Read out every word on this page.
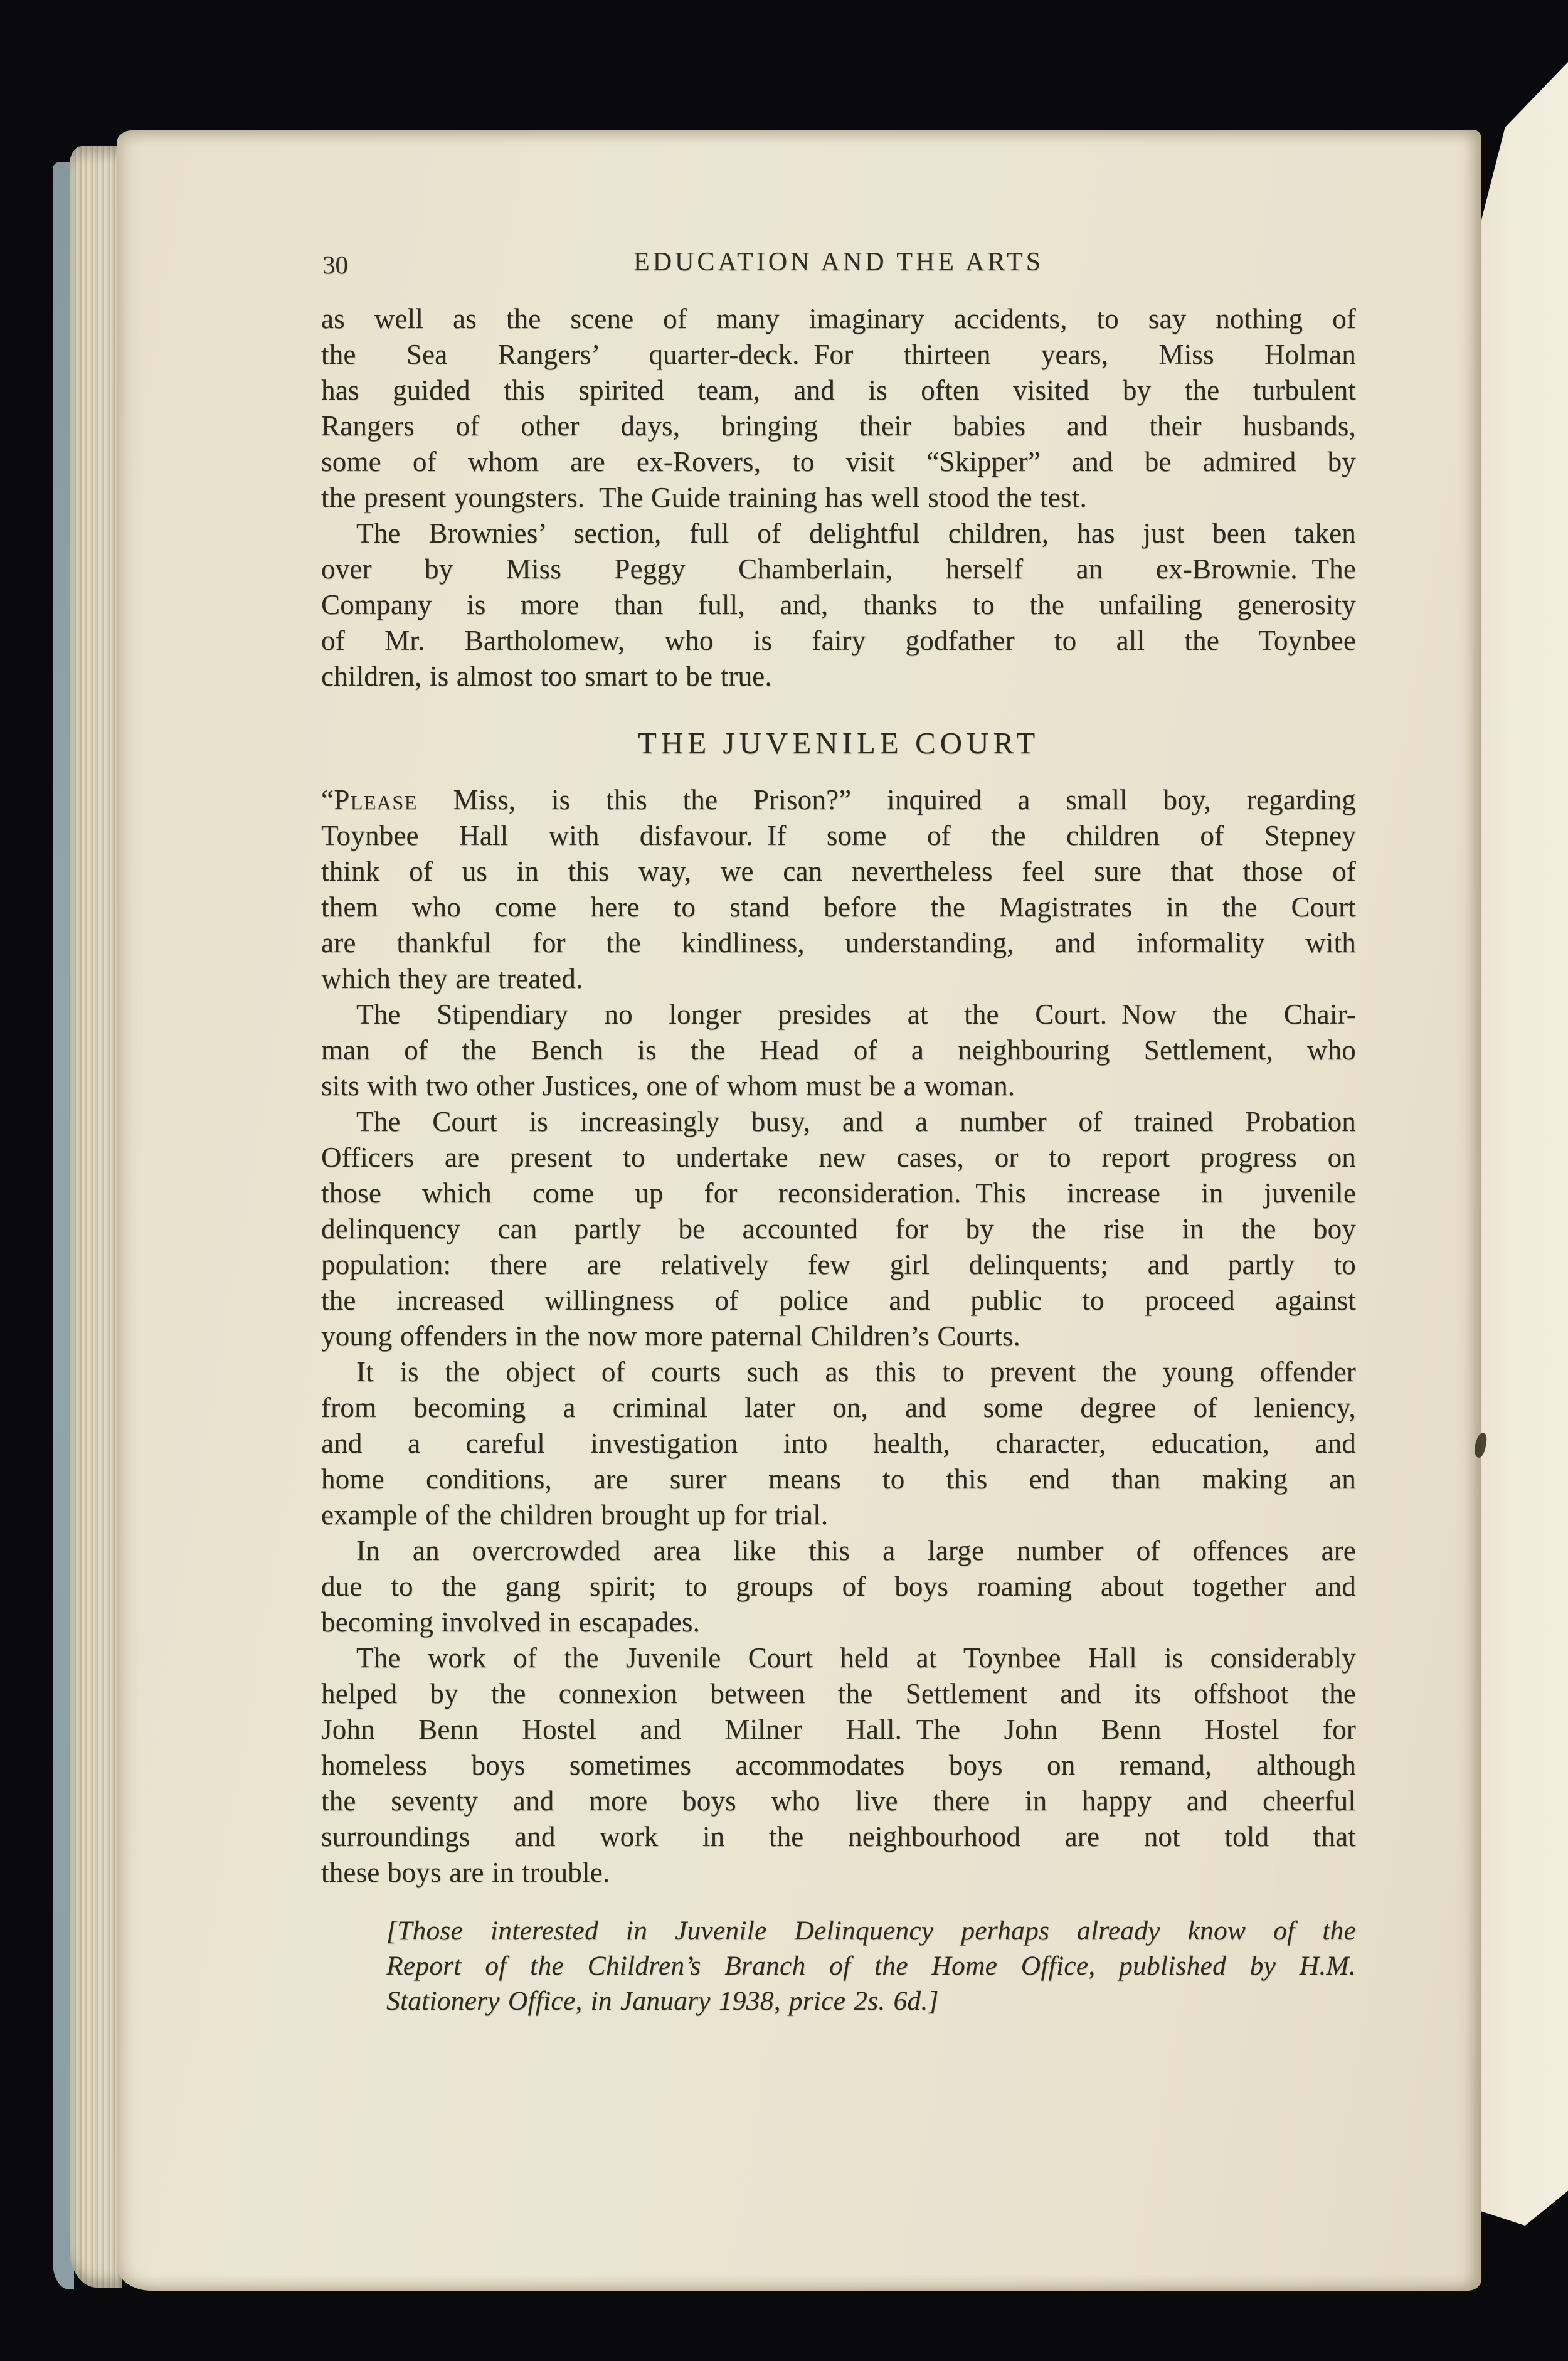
30	EDUCATION AND THE ARTS
as well as the scene of many imaginary accidents, to say nothing of
the Sea Rangers’ quarter-deck. For thirteen years, Miss Holman
has guided this spirited team, and is often visited by the turbulent
Rangers of other days, bringing their babies and their husbands,
some of whom are ex-Rovers, to visit “Skipper” and be admired by
the present youngsters. The Guide training has well stood the test.
The Brownies’ section, full of delightful children, has just been taken
over by Miss Peggy Chamberlain, herself an ex-Brownie. The
Company is more than full, and, thanks to the unfailing generosity
of Mr. Bartholomew, who is fairy godfather to all the Toynbee
children, is almost too smart to be true.
THE JUVENILE COURT
“Please Miss, is this the Prison?” inquired a small boy, regarding
Toynbee Hall with disfavour. If some of the children of Stepney
think of us in this way, we can nevertheless feel sure that those of
them who come here to stand before the Magistrates in the Court
are thankful for the kindliness, understanding, and informality with
which they are treated.
The Stipendiary no longer presides at the Court. Now the Chair-
man of the Bench is the Head of a neighbouring Settlement, who
sits with two other Justices, one of whom must be a woman.
The Court is increasingly busy, and a number of trained Probation
Officers are present to undertake new cases, or to report progress on
those which come up for reconsideration. This increase in juvenile
delinquency can partly be accounted for by the rise in the boy
population: there are relatively few girl delinquents; and partly to
the increased willingness of police and public to proceed against
young offenders in the now more paternal Children’s Courts.
It is the object of courts such as this to prevent the young offender
from becoming a criminal later on, and some degree of leniency,
and a careful investigation into health, character, education, and
home conditions, are surer means to this end than making an
example of the children brought up for trial.
In an overcrowded area like this a large number of offences are
due to the gang spirit; to groups of boys roaming about together and
becoming involved in escapades.
The work of the Juvenile Court held at Toynbee Hall is considerably
helped by the connexion between the Settlement and its offshoot the
John Benn Hostel and Milner Hall. The John Benn Hostel for
homeless boys sometimes accommodates boys on remand, although
the seventy and more boys who live there in happy and cheerful
surroundings and work in the neighbourhood are not told that
these boys are in trouble.
[Those interested in Juvenile Delinquency perhaps already know of the
Report of the Children’s Branch of the Home Office, published by H.M.
Stationery Office, in January 1938, price 2s. 6d.]
